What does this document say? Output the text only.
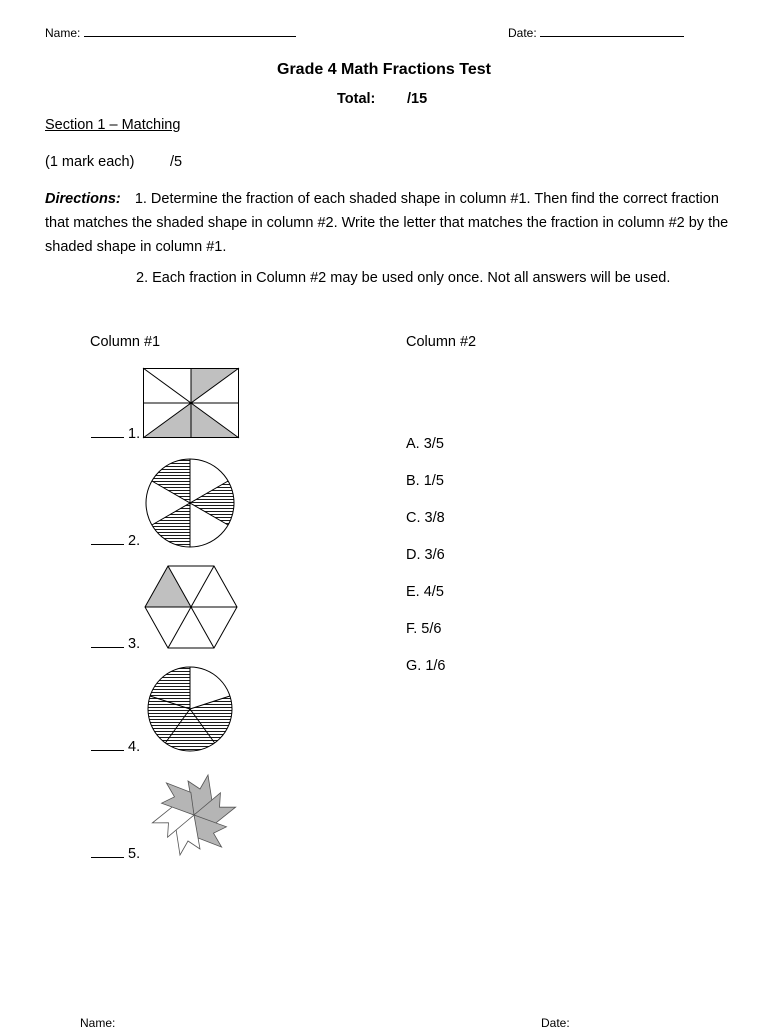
Name:	Date:
Grade 4 Math Fractions Test
Total: /15
Section 1 – Matching
(1 mark each) /5
Directions: 1. Determine the fraction of each shaded shape in column #1. Then find the correct fraction that matches the shaded shape in column #2. Write the letter that matches the fraction in column #2 by the shaded shape in column #1.
2. Each fraction in Column #2 may be used only once. Not all answers will be used.
Column #1	Column #2
1.
2.
3.
4.
5.
A. 3/5
B. 1/5
C. 3/8
D. 3/6
E. 4/5
F. 5/6
G. 1/6
Name:	Date:
